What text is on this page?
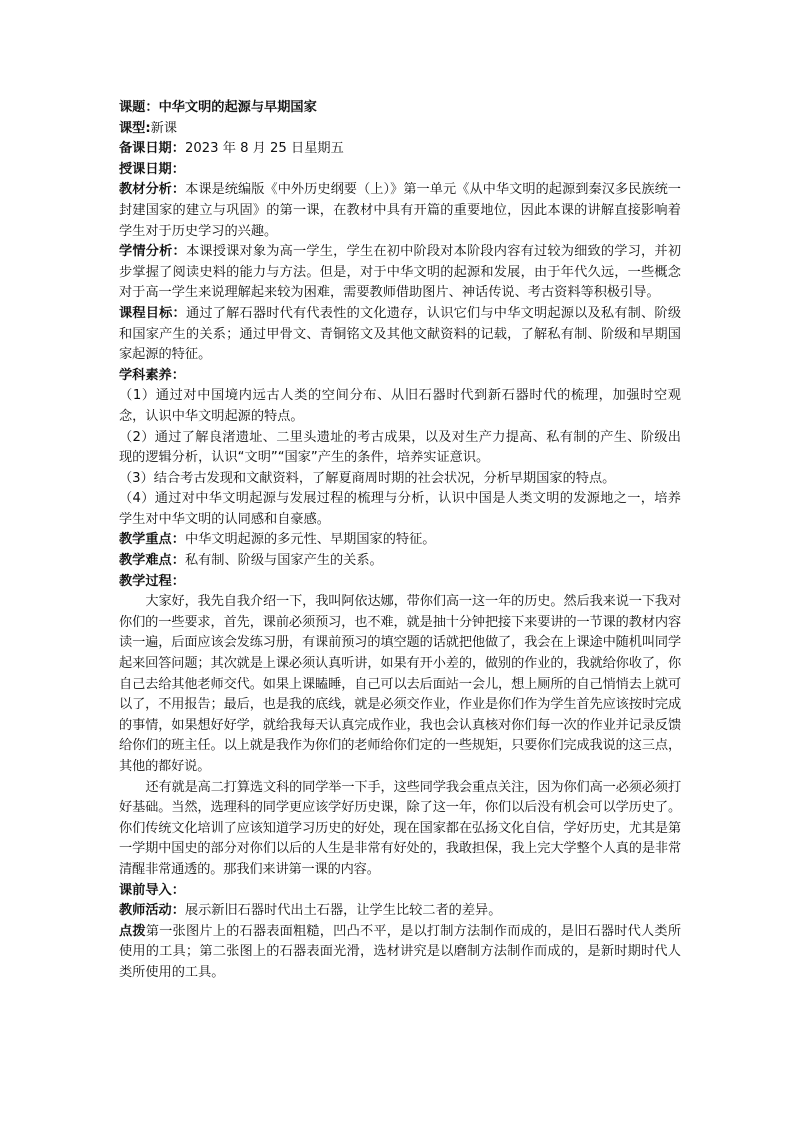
课题：中华文明的起源与早期国家

课型:新课

备课日期：2023 年 8 月 25 日星期五

授课日期：

教材分析：本课是统编版《中外历史纲要（上）》第一单元《从中华文明的起源到秦汉多民族统一封建国家的建立与巩固》的第一课，在教材中具有开篇的重要地位，因此本课的讲解直接影响着学生对于历史学习的兴趣。

学情分析：本课授课对象为高一学生，学生在初中阶段对本阶段内容有过较为细致的学习，并初步掌握了阅读史料的能力与方法。但是，对于中华文明的起源和发展，由于年代久远，一些概念对于高一学生来说理解起来较为困难，需要教师借助图片、神话传说、考古资料等积极引导。

课程目标：通过了解石器时代有代表性的文化遗存，认识它们与中华文明起源以及私有制、阶级和国家产生的关系；通过甲骨文、青铜铭文及其他文献资料的记载，了解私有制、阶级和早期国家起源的特征。

学科素养：

（1）通过对中国境内远古人类的空间分布、从旧石器时代到新石器时代的梳理，加强时空观念，认识中华文明起源的特点。

（2）通过了解良渚遗址、二里头遗址的考古成果，以及对生产力提高、私有制的产生、阶级出现的逻辑分析，认识“文明”“国家”产生的条件，培养实证意识。

（3）结合考古发现和文献资料，了解夏商周时期的社会状况，分析早期国家的特点。

（4）通过对中华文明起源与发展过程的梳理与分析，认识中国是人类文明的发源地之一，培养学生对中华文明的认同感和自豪感。

教学重点：中华文明起源的多元性、早期国家的特征。

教学难点：私有制、阶级与国家产生的关系。

教学过程：

大家好，我先自我介绍一下，我叫阿依达娜，带你们高一这一年的历史。然后我来说一下我对你们的一些要求，首先，课前必须预习，也不难，就是抽十分钟把接下来要讲的一节课的教材内容读一遍，后面应该会发练习册，有课前预习的填空题的话就把他做了，我会在上课途中随机叫同学起来回答问题；其次就是上课必须认真听讲，如果有开小差的，做别的作业的，我就给你收了，你自己去给其他老师交代。如果上课瞌睡，自己可以去后面站一会儿，想上厕所的自己悄悄去上就可以了，不用报告；最后，也是我的底线，就是必须交作业，作业是你们作为学生首先应该按时完成的事情，如果想好好学，就给我每天认真完成作业，我也会认真核对你们每一次的作业并记录反馈给你们的班主任。以上就是我作为你们的老师给你们定的一些规矩，只要你们完成我说的这三点，其他的都好说。

还有就是高二打算选文科的同学举一下手，这些同学我会重点关注，因为你们高一必须必须打好基础。当然，选理科的同学更应该学好历史课，除了这一年，你们以后没有机会可以学历史了。你们传统文化培训了应该知道学习历史的好处，现在国家都在弘扬文化自信，学好历史，尤其是第一学期中国史的部分对你们以后的人生是非常有好处的，我敢担保，我上完大学整个人真的是非常清醒非常通透的。那我们来讲第一课的内容。

课前导入：

教师活动：展示新旧石器时代出土石器，让学生比较二者的差异。

点拨第一张图片上的石器表面粗糙，凹凸不平，是以打制方法制作而成的，是旧石器时代人类所使用的工具；第二张图上的石器表面光滑，选材讲究是以磨制方法制作而成的，是新时期时代人类所使用的工具。
